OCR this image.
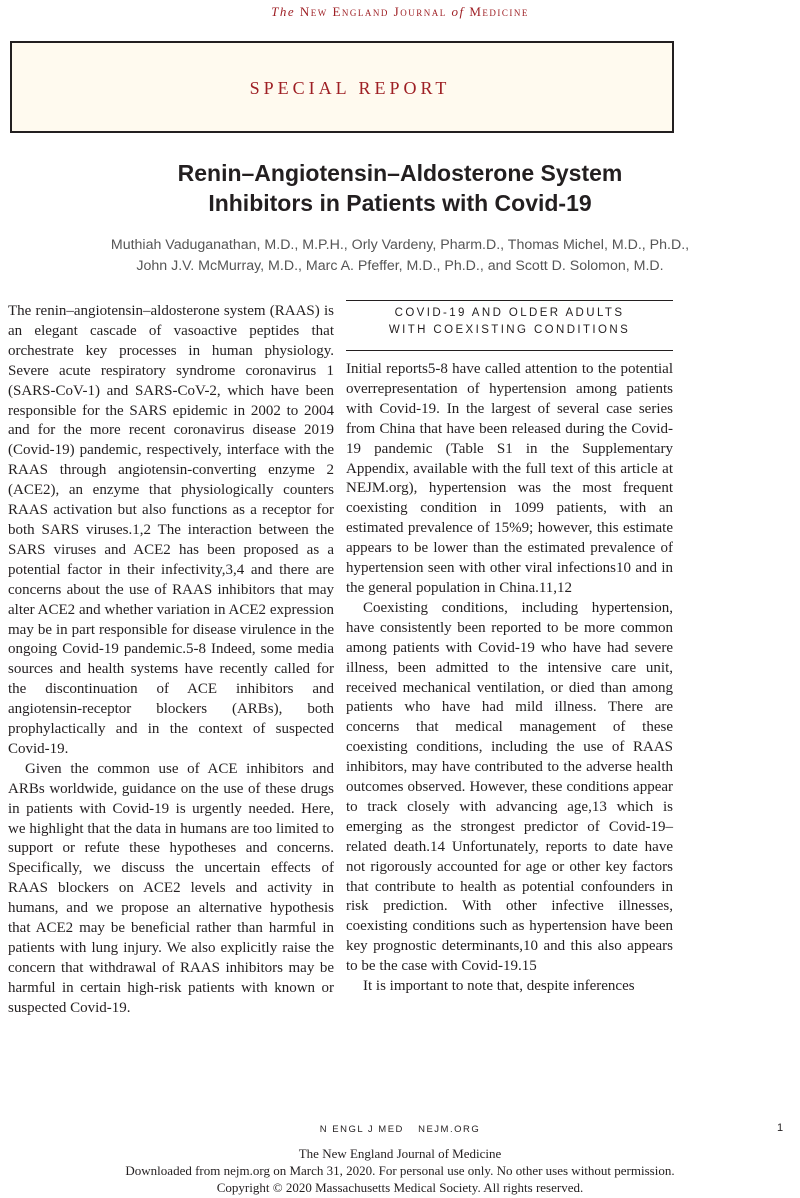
The New England Journal of Medicine
SPECIAL REPORT
Renin–Angiotensin–Aldosterone System
Inhibitors in Patients with Covid-19
Muthiah Vaduganathan, M.D., M.P.H., Orly Vardeny, Pharm.D., Thomas Michel, M.D., Ph.D.,
John J.V. McMurray, M.D., Marc A. Pfeffer, M.D., Ph.D., and Scott D. Solomon, M.D.

The renin–angiotensin–aldosterone system (RAAS) is an elegant cascade of vasoactive peptides that orchestrate key processes in human physiology. Severe acute respiratory syndrome coronavirus 1 (SARS-CoV-1) and SARS-CoV-2, which have been responsible for the SARS epidemic in 2002 to 2004 and for the more recent coronavirus disease 2019 (Covid-19) pandemic, respectively, interface with the RAAS through angiotensin-converting enzyme 2 (ACE2), an enzyme that physiologically counters RAAS activation but also functions as a receptor for both SARS viruses.1,2 The interaction between the SARS viruses and ACE2 has been proposed as a potential factor in their infectivity,3,4 and there are concerns about the use of RAAS inhibitors that may alter ACE2 and whether variation in ACE2 expression may be in part responsible for disease virulence in the ongoing Covid-19 pandemic.5-8 Indeed, some media sources and health systems have recently called for the discontinuation of ACE inhibitors and angiotensin-receptor blockers (ARBs), both prophylactically and in the context of suspected Covid-19.

Given the common use of ACE inhibitors and ARBs worldwide, guidance on the use of these drugs in patients with Covid-19 is urgently needed. Here, we highlight that the data in humans are too limited to support or refute these hypotheses and concerns. Specifically, we discuss the uncertain effects of RAAS blockers on ACE2 levels and activity in humans, and we propose an alternative hypothesis that ACE2 may be beneficial rather than harmful in patients with lung injury. We also explicitly raise the concern that withdrawal of RAAS inhibitors may be harmful in certain high-risk patients with known or suspected Covid-19.

COVID-19 AND OLDER ADULTS
WITH COEXISTING CONDITIONS

Initial reports5-8 have called attention to the potential overrepresentation of hypertension among patients with Covid-19. In the largest of several case series from China that have been released during the Covid-19 pandemic (Table S1 in the Supplementary Appendix, available with the full text of this article at NEJM.org), hypertension was the most frequent coexisting condition in 1099 patients, with an estimated prevalence of 15%9; however, this estimate appears to be lower than the estimated prevalence of hypertension seen with other viral infections10 and in the general population in China.11,12

Coexisting conditions, including hypertension, have consistently been reported to be more common among patients with Covid-19 who have had severe illness, been admitted to the intensive care unit, received mechanical ventilation, or died than among patients who have had mild illness. There are concerns that medical management of these coexisting conditions, including the use of RAAS inhibitors, may have contributed to the adverse health outcomes observed. However, these conditions appear to track closely with advancing age,13 which is emerging as the strongest predictor of Covid-19–related death.14 Unfortunately, reports to date have not rigorously accounted for age or other key factors that contribute to health as potential confounders in risk prediction. With other infective illnesses, coexisting conditions such as hypertension have been key prognostic determinants,10 and this also appears to be the case with Covid-19.15

It is important to note that, despite inferences

N ENGL J MED NEJM.ORG	1
The New England Journal of Medicine
Downloaded from nejm.org on March 31, 2020. For personal use only. No other uses without permission.
Copyright © 2020 Massachusetts Medical Society. All rights reserved.
